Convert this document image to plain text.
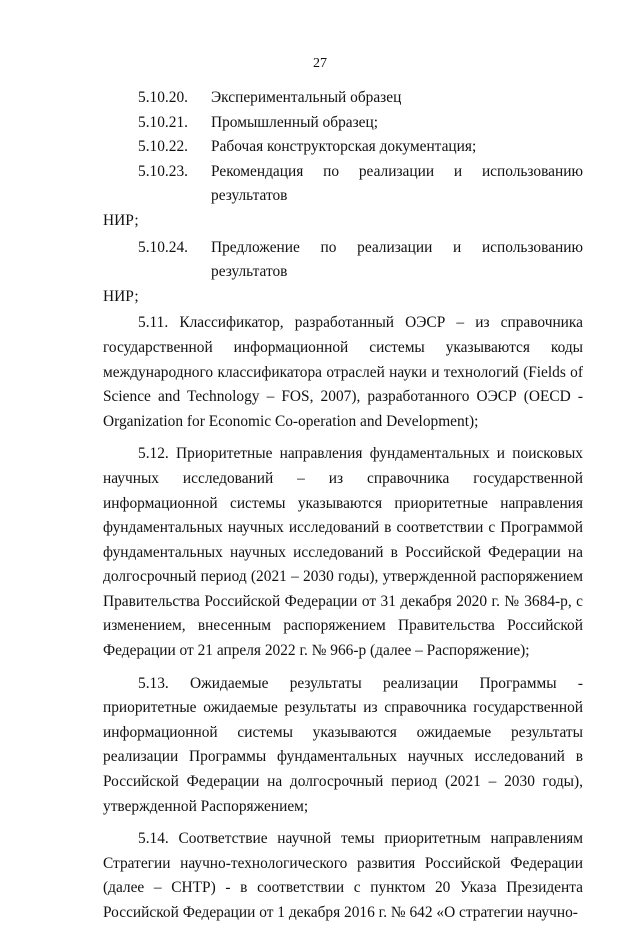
27
5.10.20.	Экспериментальный образец
5.10.21.	Промышленный образец;
5.10.22.	Рабочая конструкторская документация;
5.10.23.	Рекомендация по реализации и использованию результатов
НИР;
5.10.24.	Предложение по реализации и использованию результатов
НИР;

5.11. Классификатор, разработанный ОЭСР – из справочника государственной информационной системы указываются коды международного классификатора отраслей науки и технологий (Fields of Science and Technology – FOS, 2007), разработанного ОЭСР (OECD - Organization for Economic Co-operation and Development);

5.12. Приоритетные направления фундаментальных и поисковых научных исследований – из справочника государственной информационной системы указываются приоритетные направления фундаментальных научных исследований в соответствии с Программой фундаментальных научных исследований в Российской Федерации на долгосрочный период (2021 – 2030 годы), утвержденной распоряжением Правительства Российской Федерации от 31 декабря 2020 г. № 3684-р, с изменением, внесенным распоряжением Правительства Российской Федерации от 21 апреля 2022 г. № 966-р (далее – Распоряжение);

5.13. Ожидаемые результаты реализации Программы - приоритетные ожидаемые результаты из справочника государственной информационной системы указываются ожидаемые результаты реализации Программы фундаментальных научных исследований в Российской Федерации на долгосрочный период (2021 – 2030 годы), утвержденной Распоряжением;

5.14. Соответствие научной темы приоритетным направлениям Стратегии научно-технологического развития Российской Федерации (далее – СНТР) - в соответствии с пунктом 20 Указа Президента Российской Федерации от 1 декабря 2016 г. № 642 «О стратегии научно-
